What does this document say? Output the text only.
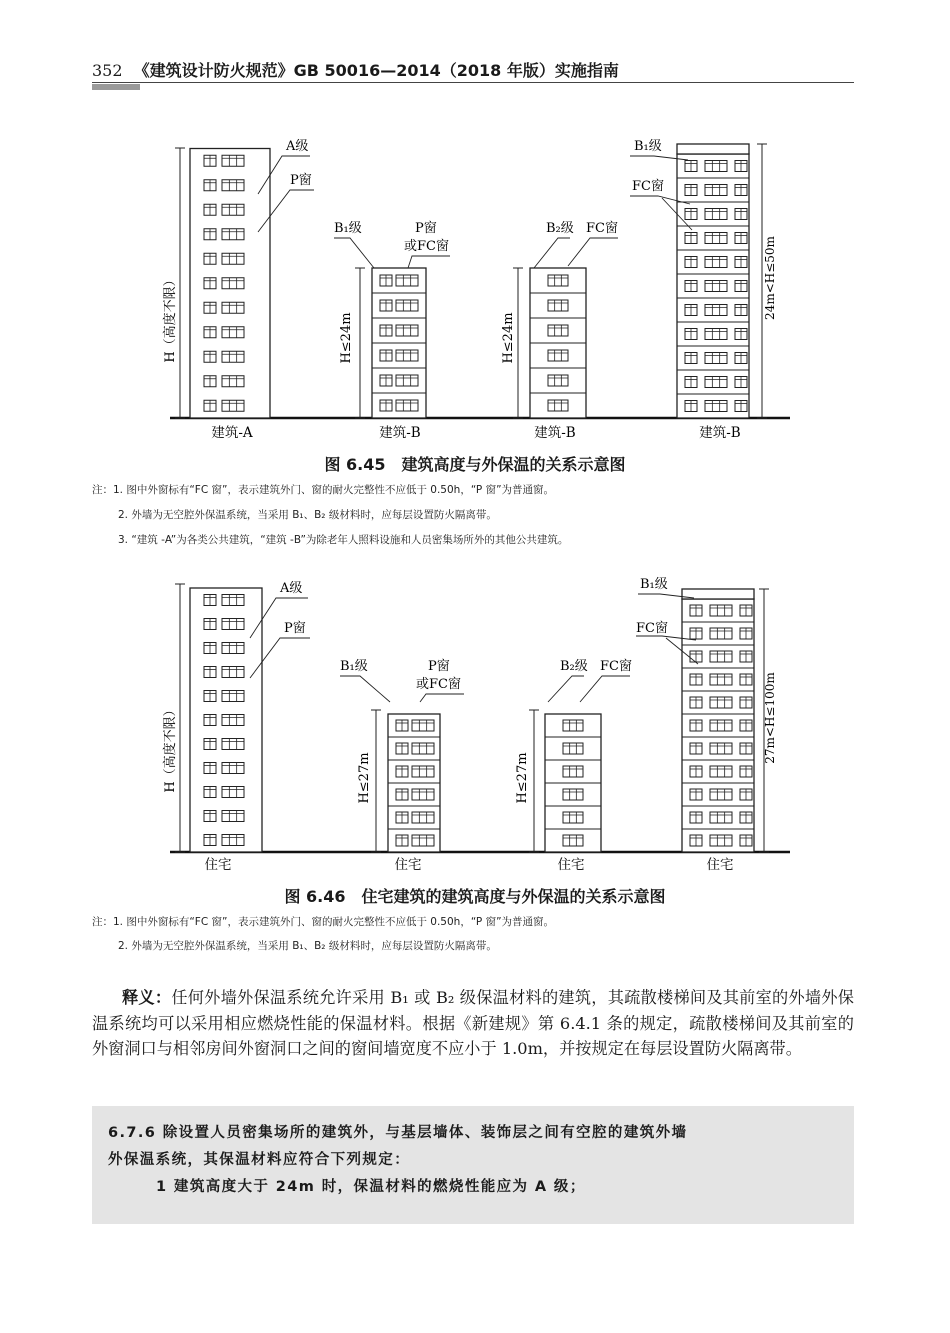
352 《建筑设计防火规范》GB 50016—2014（2018 年版）实施指南
H（高度不限）	H≤24m	H≤24m
24m<H≤50m
A级
P窗
B₁级	P窗
或FC窗
B₂级 FC窗
B₁级
FC窗
建筑-A	建筑-B	建筑-B	建筑-B
图 6.45　建筑高度与外保温的关系示意图
注：1. 图中外窗标有“FC 窗”，表示建筑外门、窗的耐火完整性不应低于 0.50h，“P 窗”为普通窗。
2. 外墙为无空腔外保温系统，当采用 B₁、B₂ 级材料时，应每层设置防火隔离带。
3. “建筑 -A”为各类公共建筑，“建筑 -B”为除老年人照料设施和人员密集场所外的其他公共建筑。
H（高度不限）	H≤27m	H≤27m
27m<H≤100m
A级
P窗
B₁级	P窗
或FC窗
B₂级 FC窗
B₁级
FC窗
住宅	住宅	住宅	住宅
图 6.46　住宅建筑的建筑高度与外保温的关系示意图
注：1. 图中外窗标有“FC 窗”，表示建筑外门、窗的耐火完整性不应低于 0.50h，“P 窗”为普通窗。
2. 外墙为无空腔外保温系统，当采用 B₁、B₂ 级材料时，应每层设置防火隔离带。
释义：任何外墙外保温系统允许采用 B₁ 或 B₂ 级保温材料的建筑，其疏散楼梯间及其前室的外墙外保温系统均可以采用相应燃烧性能的保温材料。根据《新建规》第 6.4.1 条的规定，疏散楼梯间及其前室的外窗洞口与相邻房间外窗洞口之间的窗间墙宽度不应小于 1.0m，并按规定在每层设置防火隔离带。
6.7.6 除设置人员密集场所的建筑外，与基层墙体、装饰层之间有空腔的建筑外墙
外保温系统，其保温材料应符合下列规定：
1 建筑高度大于 24m 时，保温材料的燃烧性能应为 A 级；
